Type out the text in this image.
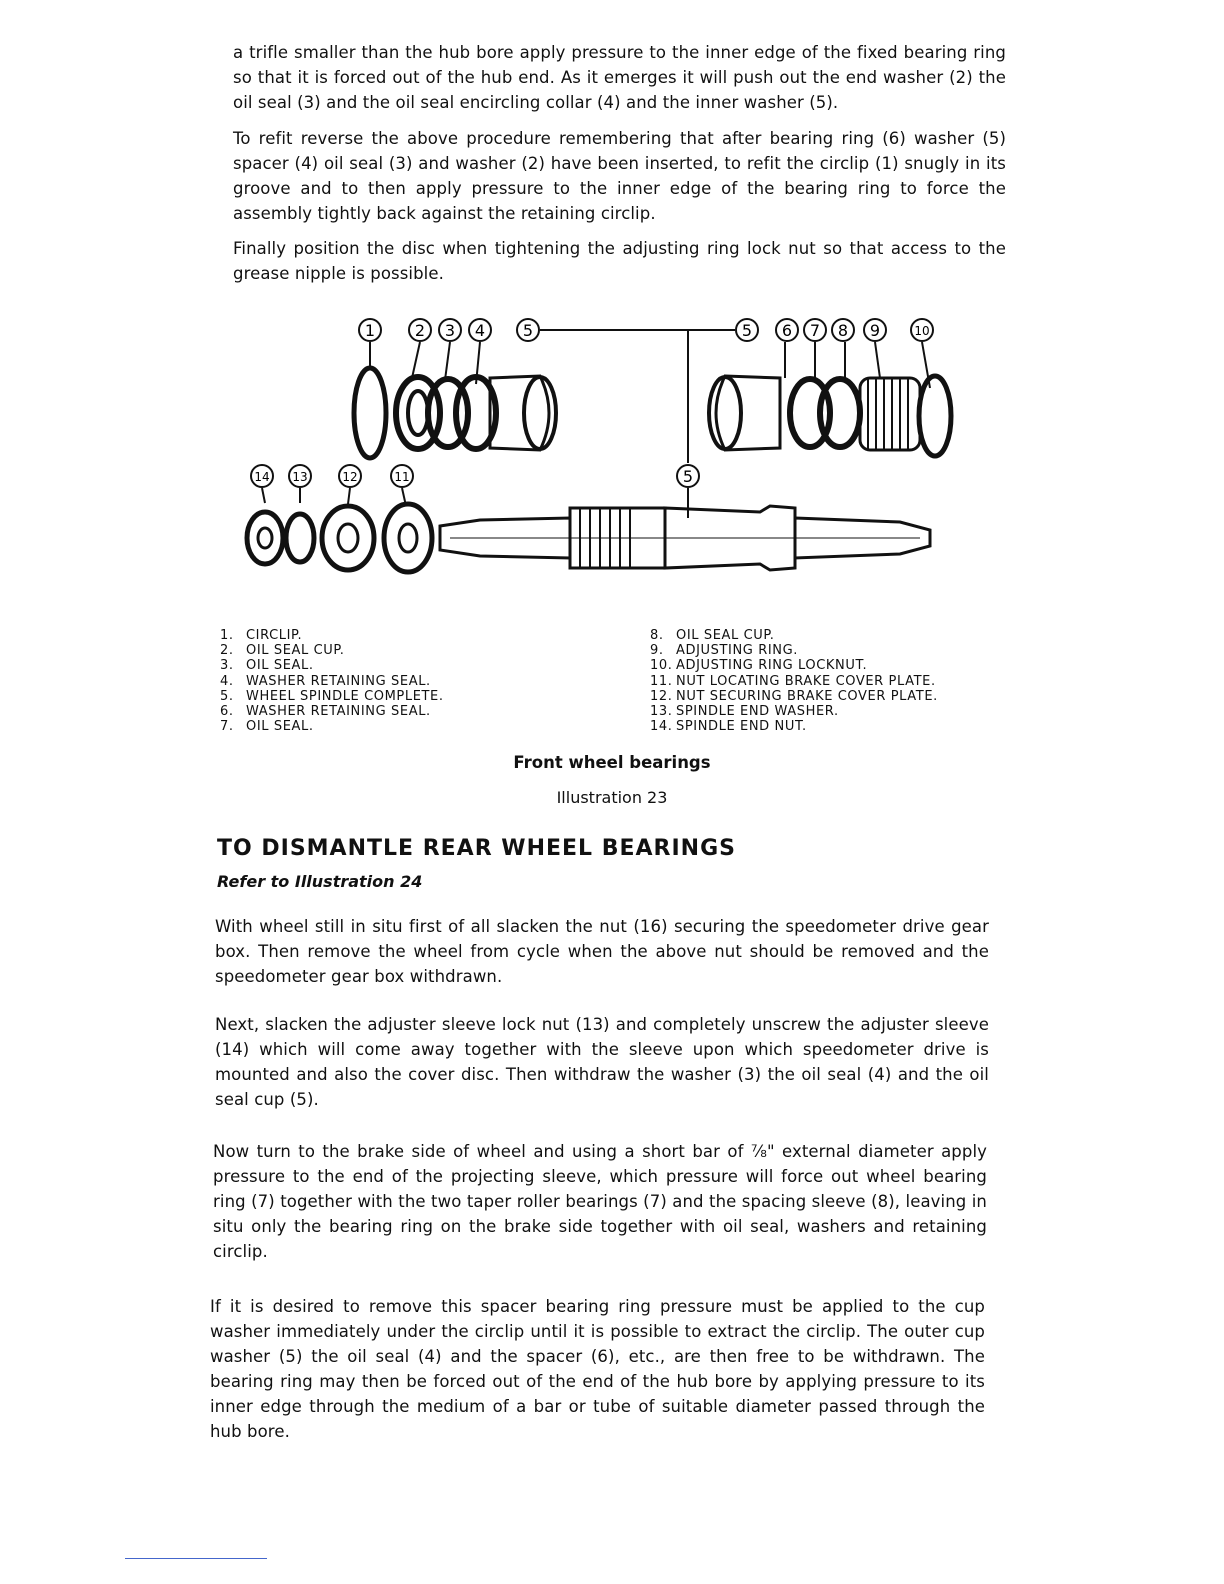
a trifle smaller than the hub bore apply pressure to the inner edge of the fixed bearing ring so that it is forced out of the hub end. As it emerges it will push out the end washer (2) the oil seal (3) and the oil seal encircling collar (4) and the inner washer (5).

To refit reverse the above procedure remembering that after bearing ring (6) washer (5) spacer (4) oil seal (3) and washer (2) have been inserted, to refit the circlip (1) snugly in its groove and to then apply pressure to the inner edge of the bearing ring to force the assembly tightly back against the retaining circlip.

Finally position the disc when tightening the adjusting ring lock nut so that access to the grease nipple is possible.

1 2 3 4 5	5 6 7 8 9	10
5
14 13	12	11
1. CIRCLIP.
2. OIL SEAL CUP.
3. OIL SEAL.
4. WASHER RETAINING SEAL.
5. WHEEL SPINDLE COMPLETE.
6. WASHER RETAINING SEAL.
7. OIL SEAL.
8. OIL SEAL CUP.
9. ADJUSTING RING.
10. ADJUSTING RING LOCKNUT.
11. NUT LOCATING BRAKE COVER PLATE.
12. NUT SECURING BRAKE COVER PLATE.
13. SPINDLE END WASHER.
14. SPINDLE END NUT.

Front wheel bearings

Illustration 23

TO DISMANTLE REAR WHEEL BEARINGS

Refer to Illustration 24

With wheel still in situ first of all slacken the nut (16) securing the speedometer drive gear box. Then remove the wheel from cycle when the above nut should be removed and the speedometer gear box withdrawn.

Next, slacken the adjuster sleeve lock nut (13) and completely unscrew the adjuster sleeve (14) which will come away together with the sleeve upon which speedometer drive is mounted and also the cover disc. Then withdraw the washer (3) the oil seal (4) and the oil seal cup (5).

Now turn to the brake side of wheel and using a short bar of ⅞" external diameter apply pressure to the end of the projecting sleeve, which pressure will force out wheel bearing ring (7) together with the two taper roller bearings (7) and the spacing sleeve (8), leaving in situ only the bearing ring on the brake side together with oil seal, washers and retaining circlip.

If it is desired to remove this spacer bearing ring pressure must be applied to the cup washer immediately under the circlip until it is possible to extract the circlip. The outer cup washer (5) the oil seal (4) and the spacer (6), etc., are then free to be withdrawn. The bearing ring may then be forced out of the end of the hub bore by applying pressure to its inner edge through the medium of a bar or tube of suitable diameter passed through the hub bore.
